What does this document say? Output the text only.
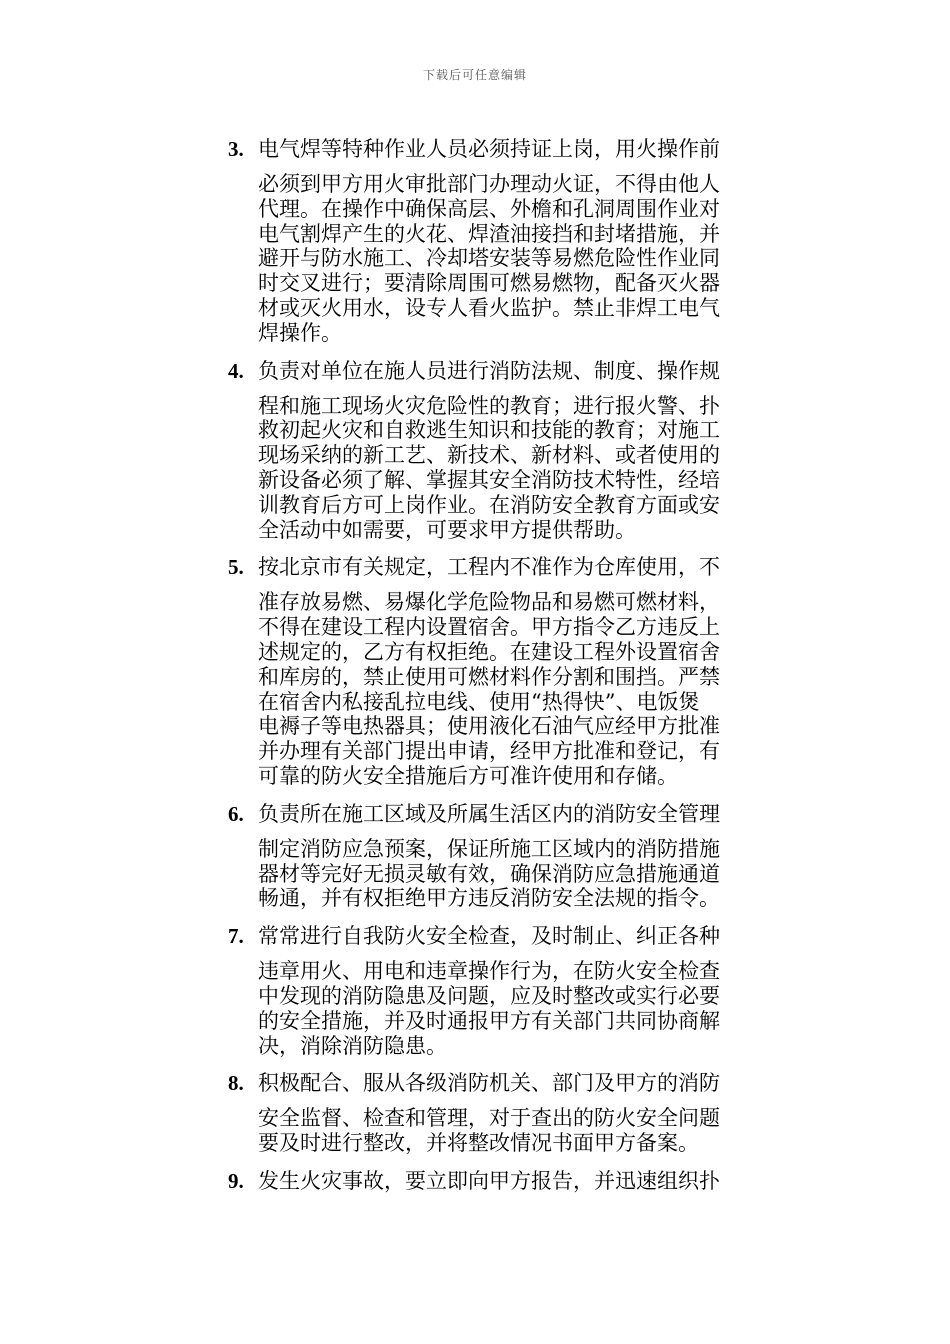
下载后可任意编辑
3. 电气焊等特种作业人员必须持证上岗，用火操作前
必须到甲方用火审批部门办理动火证，不得由他人
代理。在操作中确保高层、外檐和孔洞周围作业对
电气割焊产生的火花、焊渣油接挡和封堵措施，并
避开与防水施工、冷却塔安装等易燃危险性作业同
时交叉进行；要清除周围可燃易燃物，配备灭火器
材或灭火用水，设专人看火监护。禁止非焊工电气
焊操作。
4. 负责对单位在施人员进行消防法规、制度、操作规
程和施工现场火灾危险性的教育；进行报火警、扑
救初起火灾和自救逃生知识和技能的教育；对施工
现场采纳的新工艺、新技术、新材料、或者使用的
新设备必须了解、掌握其安全消防技术特性，经培
训教育后方可上岗作业。在消防安全教育方面或安
全活动中如需要，可要求甲方提供帮助。
5. 按北京市有关规定，工程内不准作为仓库使用，不
准存放易燃、易爆化学危险物品和易燃可燃材料，
不得在建设工程内设置宿舍。甲方指令乙方违反上
述规定的，乙方有权拒绝。在建设工程外设置宿舍
和库房的，禁止使用可燃材料作分割和围挡。严禁
在宿舍内私接乱拉电线、使用“热得快”、电饭煲
电褥子等电热器具；使用液化石油气应经甲方批准
并办理有关部门提出申请，经甲方批准和登记，有
可靠的防火安全措施后方可准许使用和存储。
6. 负责所在施工区域及所属生活区内的消防安全管理
制定消防应急预案，保证所施工区域内的消防措施
器材等完好无损灵敏有效，确保消防应急措施通道
畅通，并有权拒绝甲方违反消防安全法规的指令。
7. 常常进行自我防火安全检查，及时制止、纠正各种
违章用火、用电和违章操作行为，在防火安全检查
中发现的消防隐患及问题，应及时整改或实行必要
的安全措施，并及时通报甲方有关部门共同协商解
决，消除消防隐患。
8. 积极配合、服从各级消防机关、部门及甲方的消防
安全监督、检查和管理，对于查出的防火安全问题
要及时进行整改，并将整改情况书面甲方备案。
9. 发生火灾事故，要立即向甲方报告，并迅速组织扑
